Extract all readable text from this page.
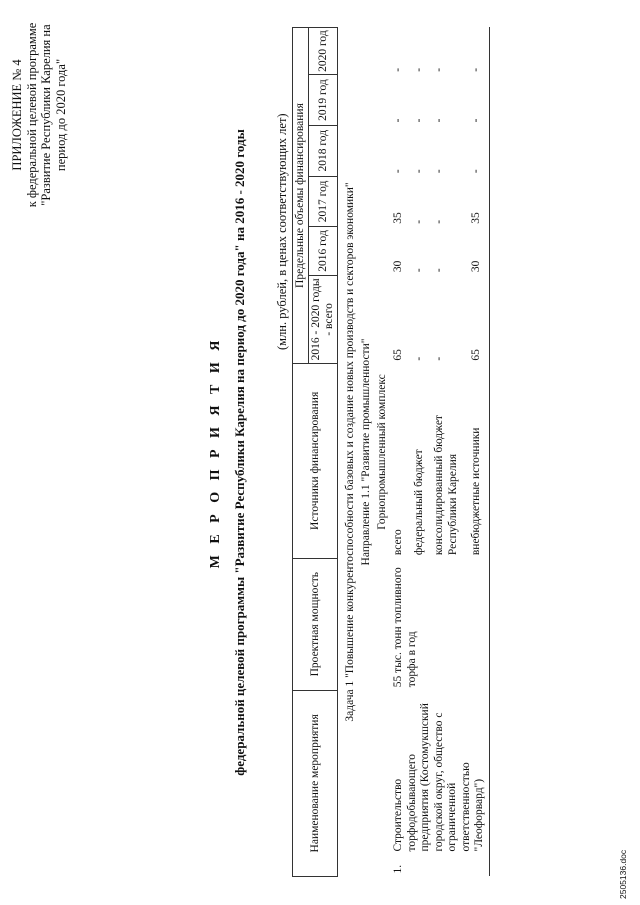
ПРИЛОЖЕНИЕ № 4 к федеральной целевой программе "Развитие Республики Карелия на период до 2020 года"
М Е Р О П Р И Я Т И Я федеральной целевой программы "Развитие Республики Карелия на период до 2020 года" на 2016 - 2020 годы (млн. рублей, в ценах соответствующих лет)
Наименование мероприятия	Проектная мощность	Источники финансирования	Предельные объемы финансирования					
			2016 - 2020 годы - всего	2016 год	2017 год	2018 год	2019 год	2020 год
Задача 1 "Повышение конкурентоспособности базовых и создание новых производств и секторов экономики"								
Направление 1.1 "Развитие промышленности"								
Горнопромышленный комплекс								

1.
Строительство торфодобывающего предприятия (Костомукшский городской округ, общество с ограниченной ответственностью "Леофорвард")	55 тыс. тонн топливного торфа в год	всего	65	30	35	-	-	-
		федеральный бюджет	-	-	-	-	-	-
		консолидированный бюджет Республики Карелия	-	-	-	-	-	-
		внебюджетные источники	65	30	35	-	-	-
2505136.doc
